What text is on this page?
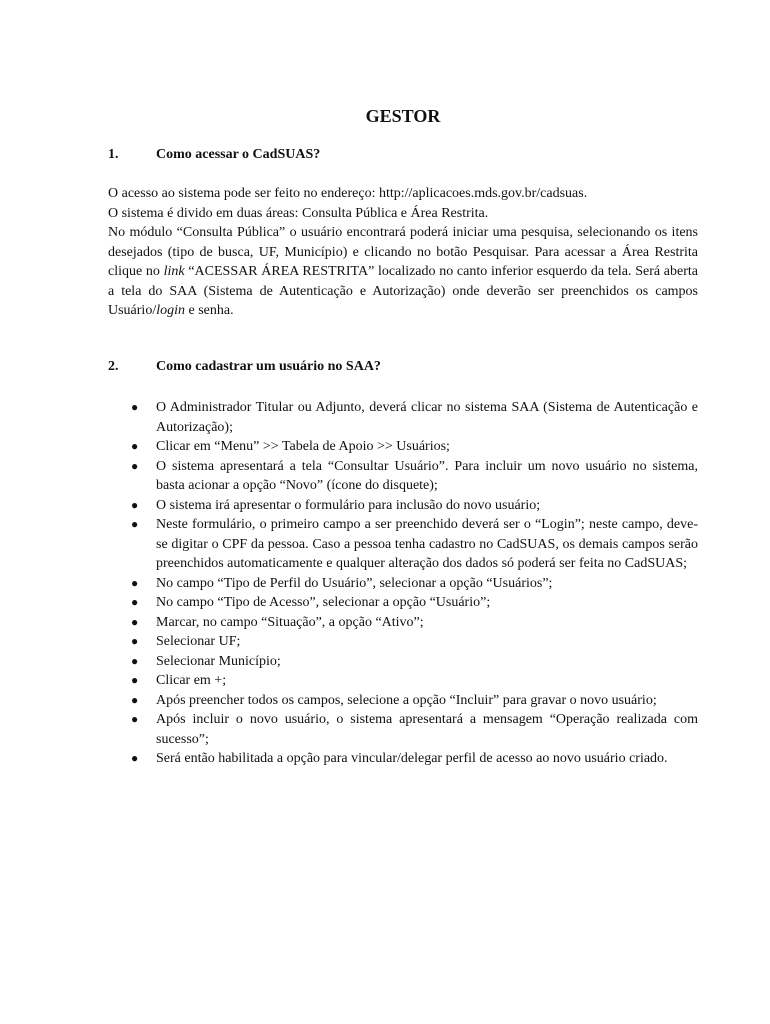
GESTOR
1.	Como acessar o CadSUAS?

O acesso ao sistema pode ser feito no endereço: http://aplicacoes.mds.gov.br/cadsuas.

O sistema é divido em duas áreas: Consulta Pública e Área Restrita.

No módulo “Consulta Pública” o usuário encontrará poderá iniciar uma pesquisa, selecionando os itens desejados (tipo de busca, UF, Município) e clicando no botão Pesquisar. Para acessar a Área Restrita clique no link “ACESSAR ÁREA RESTRITA” localizado no canto inferior esquerdo da tela. Será aberta a tela do SAA (Sistema de Autenticação e Autorização) onde deverão ser preenchidos os campos Usuário/login e senha.

2.	Como cadastrar um usuário no SAA?
● O Administrador Titular ou Adjunto, deverá clicar no sistema SAA (Sistema de Autenticação e Autorização);
● Clicar em “Menu” >> Tabela de Apoio >> Usuários;
● O sistema apresentará a tela “Consultar Usuário”. Para incluir um novo usuário no sistema, basta acionar a opção “Novo” (ícone do disquete);
● O sistema irá apresentar o formulário para inclusão do novo usuário;
● Neste formulário, o primeiro campo a ser preenchido deverá ser o “Login”; neste campo, deve-se digitar o CPF da pessoa. Caso a pessoa tenha cadastro no CadSUAS, os demais campos serão preenchidos automaticamente e qualquer alteração dos dados só poderá ser feita no CadSUAS;
● No campo “Tipo de Perfil do Usuário”, selecionar a opção “Usuários”;
● No campo “Tipo de Acesso”, selecionar a opção “Usuário”;
● Marcar, no campo “Situação”, a opção “Ativo”;
● Selecionar UF;
● Selecionar Município;
● Clicar em +;
● Após preencher todos os campos, selecione a opção “Incluir” para gravar o novo usuário;
● Após incluir o novo usuário, o sistema apresentará a mensagem “Operação realizada com sucesso”;
● Será então habilitada a opção para vincular/delegar perfil de acesso ao novo usuário criado.
